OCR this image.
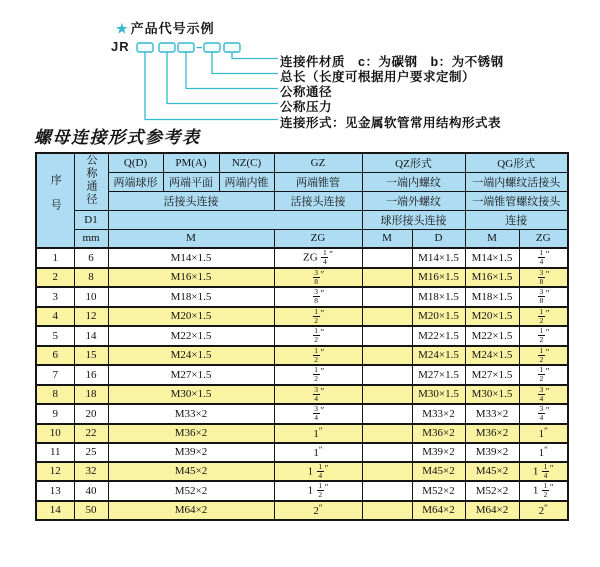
★ 产品代号示例
JR
连接件材质　c：为碳钢　b：为不锈钢
总长（长度可根据用户要求定制）
公称通径
公称压力
连接形式：见金属软管常用结构形式表
螺母连接形式参考表
序号	公称通径	Q(D)	PM(A)	NZ(C)	GZ	QZ形式		QG形式	
		两端球形	两端平面	两端内锥	两端锥管	一端内螺纹		一端内螺纹活接头	
		活接头连接			活接头连接	一端外螺纹		一端锥管螺纹接头	
	D1					球形接头连接		连接	
	mm	M			ZG	M	D	M	ZG
1	6	M14×1.5			ZG $\frac{1}{4} ''$		M14×1.5	M14×1.5	$\frac{1}{4} ''$
2	8	M16×1.5			$\frac{3}{8} ''$		M16×1.5	M16×1.5	$\frac{3}{8} ''$
3	10	M18×1.5			$\frac{3}{8} ''$		M18×1.5	M18×1.5	$\frac{3}{8} ''$
4	12	M20×1.5			$\frac{1}{2} ''$		M20×1.5	M20×1.5	$\frac{1}{2} ''$
5	14	M22×1.5			$\frac{1}{2} ''$		M22×1.5	M22×1.5	$\frac{1}{2} ''$
6	15	M24×1.5			$\frac{1}{2} ''$		M24×1.5	M24×1.5	$\frac{1}{2} ''$
7	16	M27×1.5			$\frac{1}{2} ''$		M27×1.5	M27×1.5	$\frac{1}{2} ''$
8	18	M30×1.5			$\frac{3}{4} ''$		M30×1.5	M30×1.5	$\frac{3}{4} ''$
9	20	M33×2			$\frac{3}{4} ''$		M33×2	M33×2	$\frac{3}{4} ''$
10	22	M36×2			1″		M36×2	M36×2	1″
11	25	M39×2			1″		M39×2	M39×2	1″
12	32	M45×2			$1 \frac{1}{4} ''$		M45×2	M45×2	$1 \frac{1}{4} ''$
13	40	M52×2			$1 \frac{1}{2} ''$		M52×2	M52×2	$1 \frac{1}{2} ''$
14	50	M64×2			2″		M64×2	M64×2	2″
